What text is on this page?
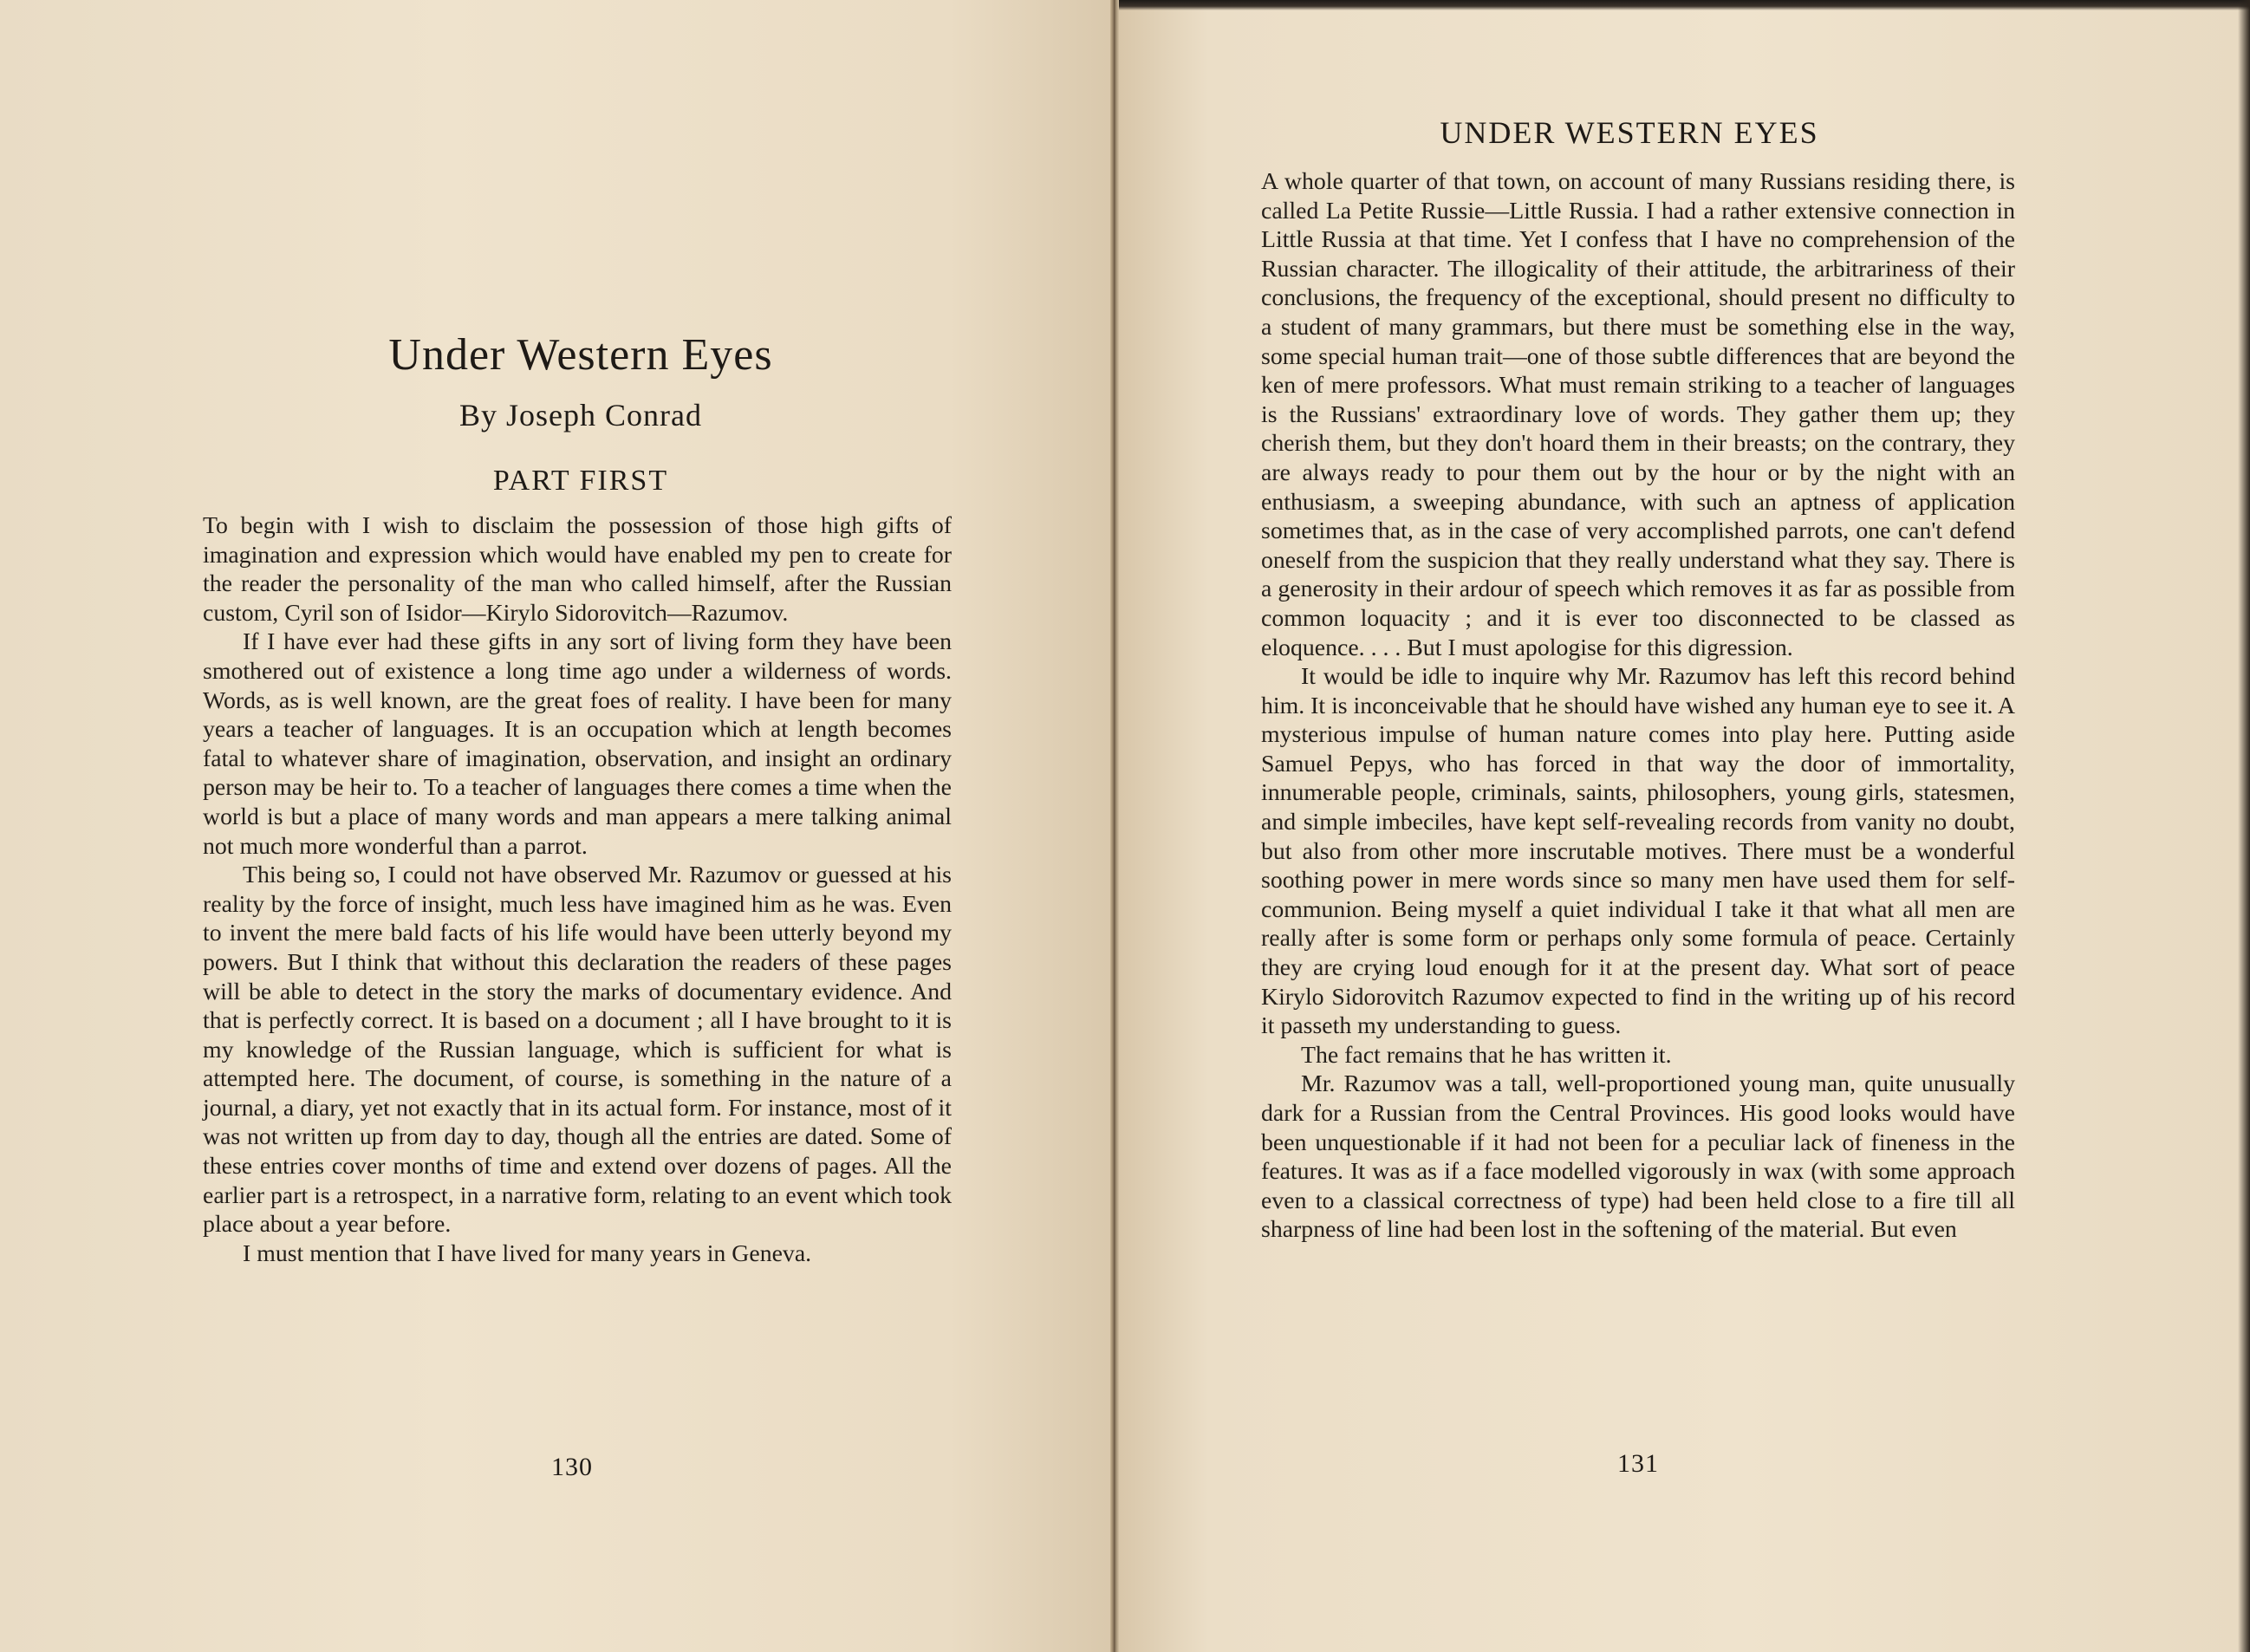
Under Western Eyes
By Joseph Conrad
PART FIRST

To begin with I wish to disclaim the possession of those high gifts of imagination and expression which would have enabled my pen to create for the reader the personality of the man who called himself, after the Russian custom, Cyril son of Isidor—Kirylo Sidorovitch—Razumov.

If I have ever had these gifts in any sort of living form they have been smothered out of existence a long time ago under a wilderness of words. Words, as is well known, are the great foes of reality. I have been for many years a teacher of languages. It is an occupation which at length becomes fatal to whatever share of imagination, observation, and insight an ordinary person may be heir to. To a teacher of languages there comes a time when the world is but a place of many words and man appears a mere talking animal not much more wonderful than a parrot.

This being so, I could not have observed Mr. Razumov or guessed at his reality by the force of insight, much less have imagined him as he was. Even to invent the mere bald facts of his life would have been utterly beyond my powers. But I think that without this declaration the readers of these pages will be able to detect in the story the marks of documentary evidence. And that is perfectly correct. It is based on a document ; all I have brought to it is my knowledge of the Russian language, which is sufficient for what is attempted here. The document, of course, is something in the nature of a journal, a diary, yet not exactly that in its actual form. For instance, most of it was not written up from day to day, though all the entries are dated. Some of these entries cover months of time and extend over dozens of pages. All the earlier part is a retrospect, in a narrative form, relating to an event which took place about a year before.

I must mention that I have lived for many years in Geneva.

130
UNDER WESTERN EYES

A whole quarter of that town, on account of many Russians residing there, is called La Petite Russie—Little Russia. I had a rather extensive connection in Little Russia at that time. Yet I confess that I have no comprehension of the Russian character. The illogicality of their attitude, the arbitrariness of their conclusions, the frequency of the exceptional, should present no difficulty to a student of many grammars, but there must be something else in the way, some special human trait—one of those subtle differences that are beyond the ken of mere professors. What must remain striking to a teacher of languages is the Russians' extraordinary love of words. They gather them up; they cherish them, but they don't hoard them in their breasts; on the contrary, they are always ready to pour them out by the hour or by the night with an enthusiasm, a sweeping abundance, with such an aptness of application sometimes that, as in the case of very accomplished parrots, one can't defend oneself from the suspicion that they really understand what they say. There is a generosity in their ardour of speech which removes it as far as possible from common loquacity ; and it is ever too disconnected to be classed as eloquence. . . . But I must apologise for this digression.

It would be idle to inquire why Mr. Razumov has left this record behind him. It is inconceivable that he should have wished any human eye to see it. A mysterious impulse of human nature comes into play here. Putting aside Samuel Pepys, who has forced in that way the door of immortality, innumerable people, criminals, saints, philosophers, young girls, statesmen, and simple imbeciles, have kept self-revealing records from vanity no doubt, but also from other more inscrutable motives. There must be a wonderful soothing power in mere words since so many men have used them for self-communion. Being myself a quiet individual I take it that what all men are really after is some form or perhaps only some formula of peace. Certainly they are crying loud enough for it at the present day. What sort of peace Kirylo Sidorovitch Razumov expected to find in the writing up of his record it passeth my understanding to guess.

The fact remains that he has written it.

Mr. Razumov was a tall, well-proportioned young man, quite unusually dark for a Russian from the Central Provinces. His good looks would have been unquestionable if it had not been for a peculiar lack of fineness in the features. It was as if a face modelled vigorously in wax (with some approach even to a classical correctness of type) had been held close to a fire till all sharpness of line had been lost in the softening of the material. But even

131
